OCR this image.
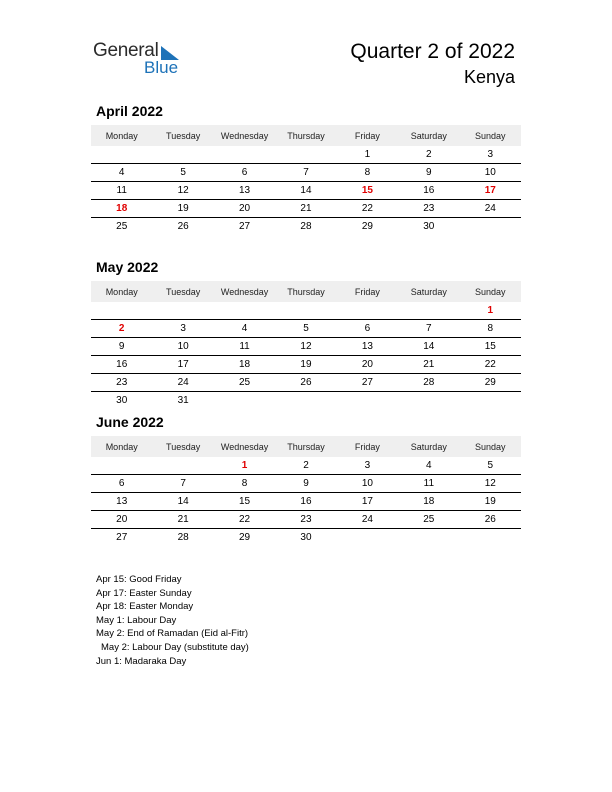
General
Blue
Quarter 2 of 2022
Kenya
April 2022
Monday	Tuesday	Wednesday	Thursday	Friday	Saturday	Sunday
				1	2	3
4	5	6	7	8	9	10
11	12	13	14	15	16	17
18	19	20	21	22	23	24
25	26	27	28	29	30	
May 2022
Monday	Tuesday	Wednesday	Thursday	Friday	Saturday	Sunday
						1
2	3	4	5	6	7	8
9	10	11	12	13	14	15
16	17	18	19	20	21	22
23	24	25	26	27	28	29
30	31					
June 2022
Monday	Tuesday	Wednesday	Thursday	Friday	Saturday	Sunday
		1	2	3	4	5
6	7	8	9	10	11	12
13	14	15	16	17	18	19
20	21	22	23	24	25	26
27	28	29	30			
Apr 15: Good Friday
Apr 17: Easter Sunday
Apr 18: Easter Monday
May 1: Labour Day
May 2: End of Ramadan (Eid al-Fitr)
May 2: Labour Day (substitute day)
Jun 1: Madaraka Day
